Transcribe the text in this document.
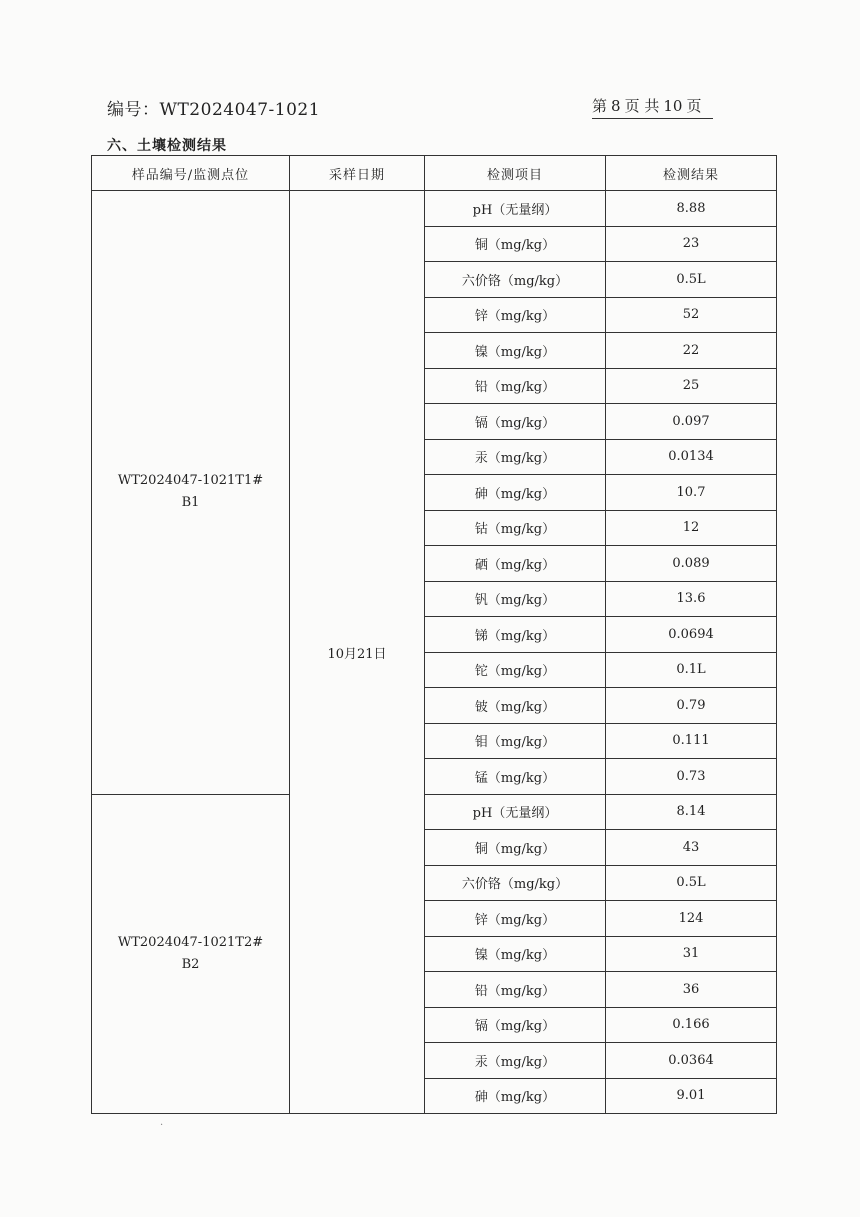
编号：WT2024047-1021	第 8 页 共 10 页
六、土壤检测结果
样品编号/监测点位	采样日期	检测项目	检测结果

WT2024047-1021T1#
B1	10月21日	pH（无量纲）	8.88
		铜（mg/kg）	23
		六价铬（mg/kg）	0.5L
		锌（mg/kg）	52
		镍（mg/kg）	22
		铅（mg/kg）	25
		镉（mg/kg）	0.097
		汞（mg/kg）	0.0134
		砷（mg/kg）	10.7
		钴（mg/kg）	12
		硒（mg/kg）	0.089
		钒（mg/kg）	13.6
		锑（mg/kg）	0.0694
		铊（mg/kg）	0.1L
		铍（mg/kg）	0.79
		钼（mg/kg）	0.111
		锰（mg/kg）	0.73

WT2024047-1021T2#
B2		pH（无量纲）	8.14
		铜（mg/kg）	43
		六价铬（mg/kg）	0.5L
		锌（mg/kg）	124
		镍（mg/kg）	31
		铅（mg/kg）	36
		镉（mg/kg）	0.166
		汞（mg/kg）	0.0364
		砷（mg/kg）	9.01
·
